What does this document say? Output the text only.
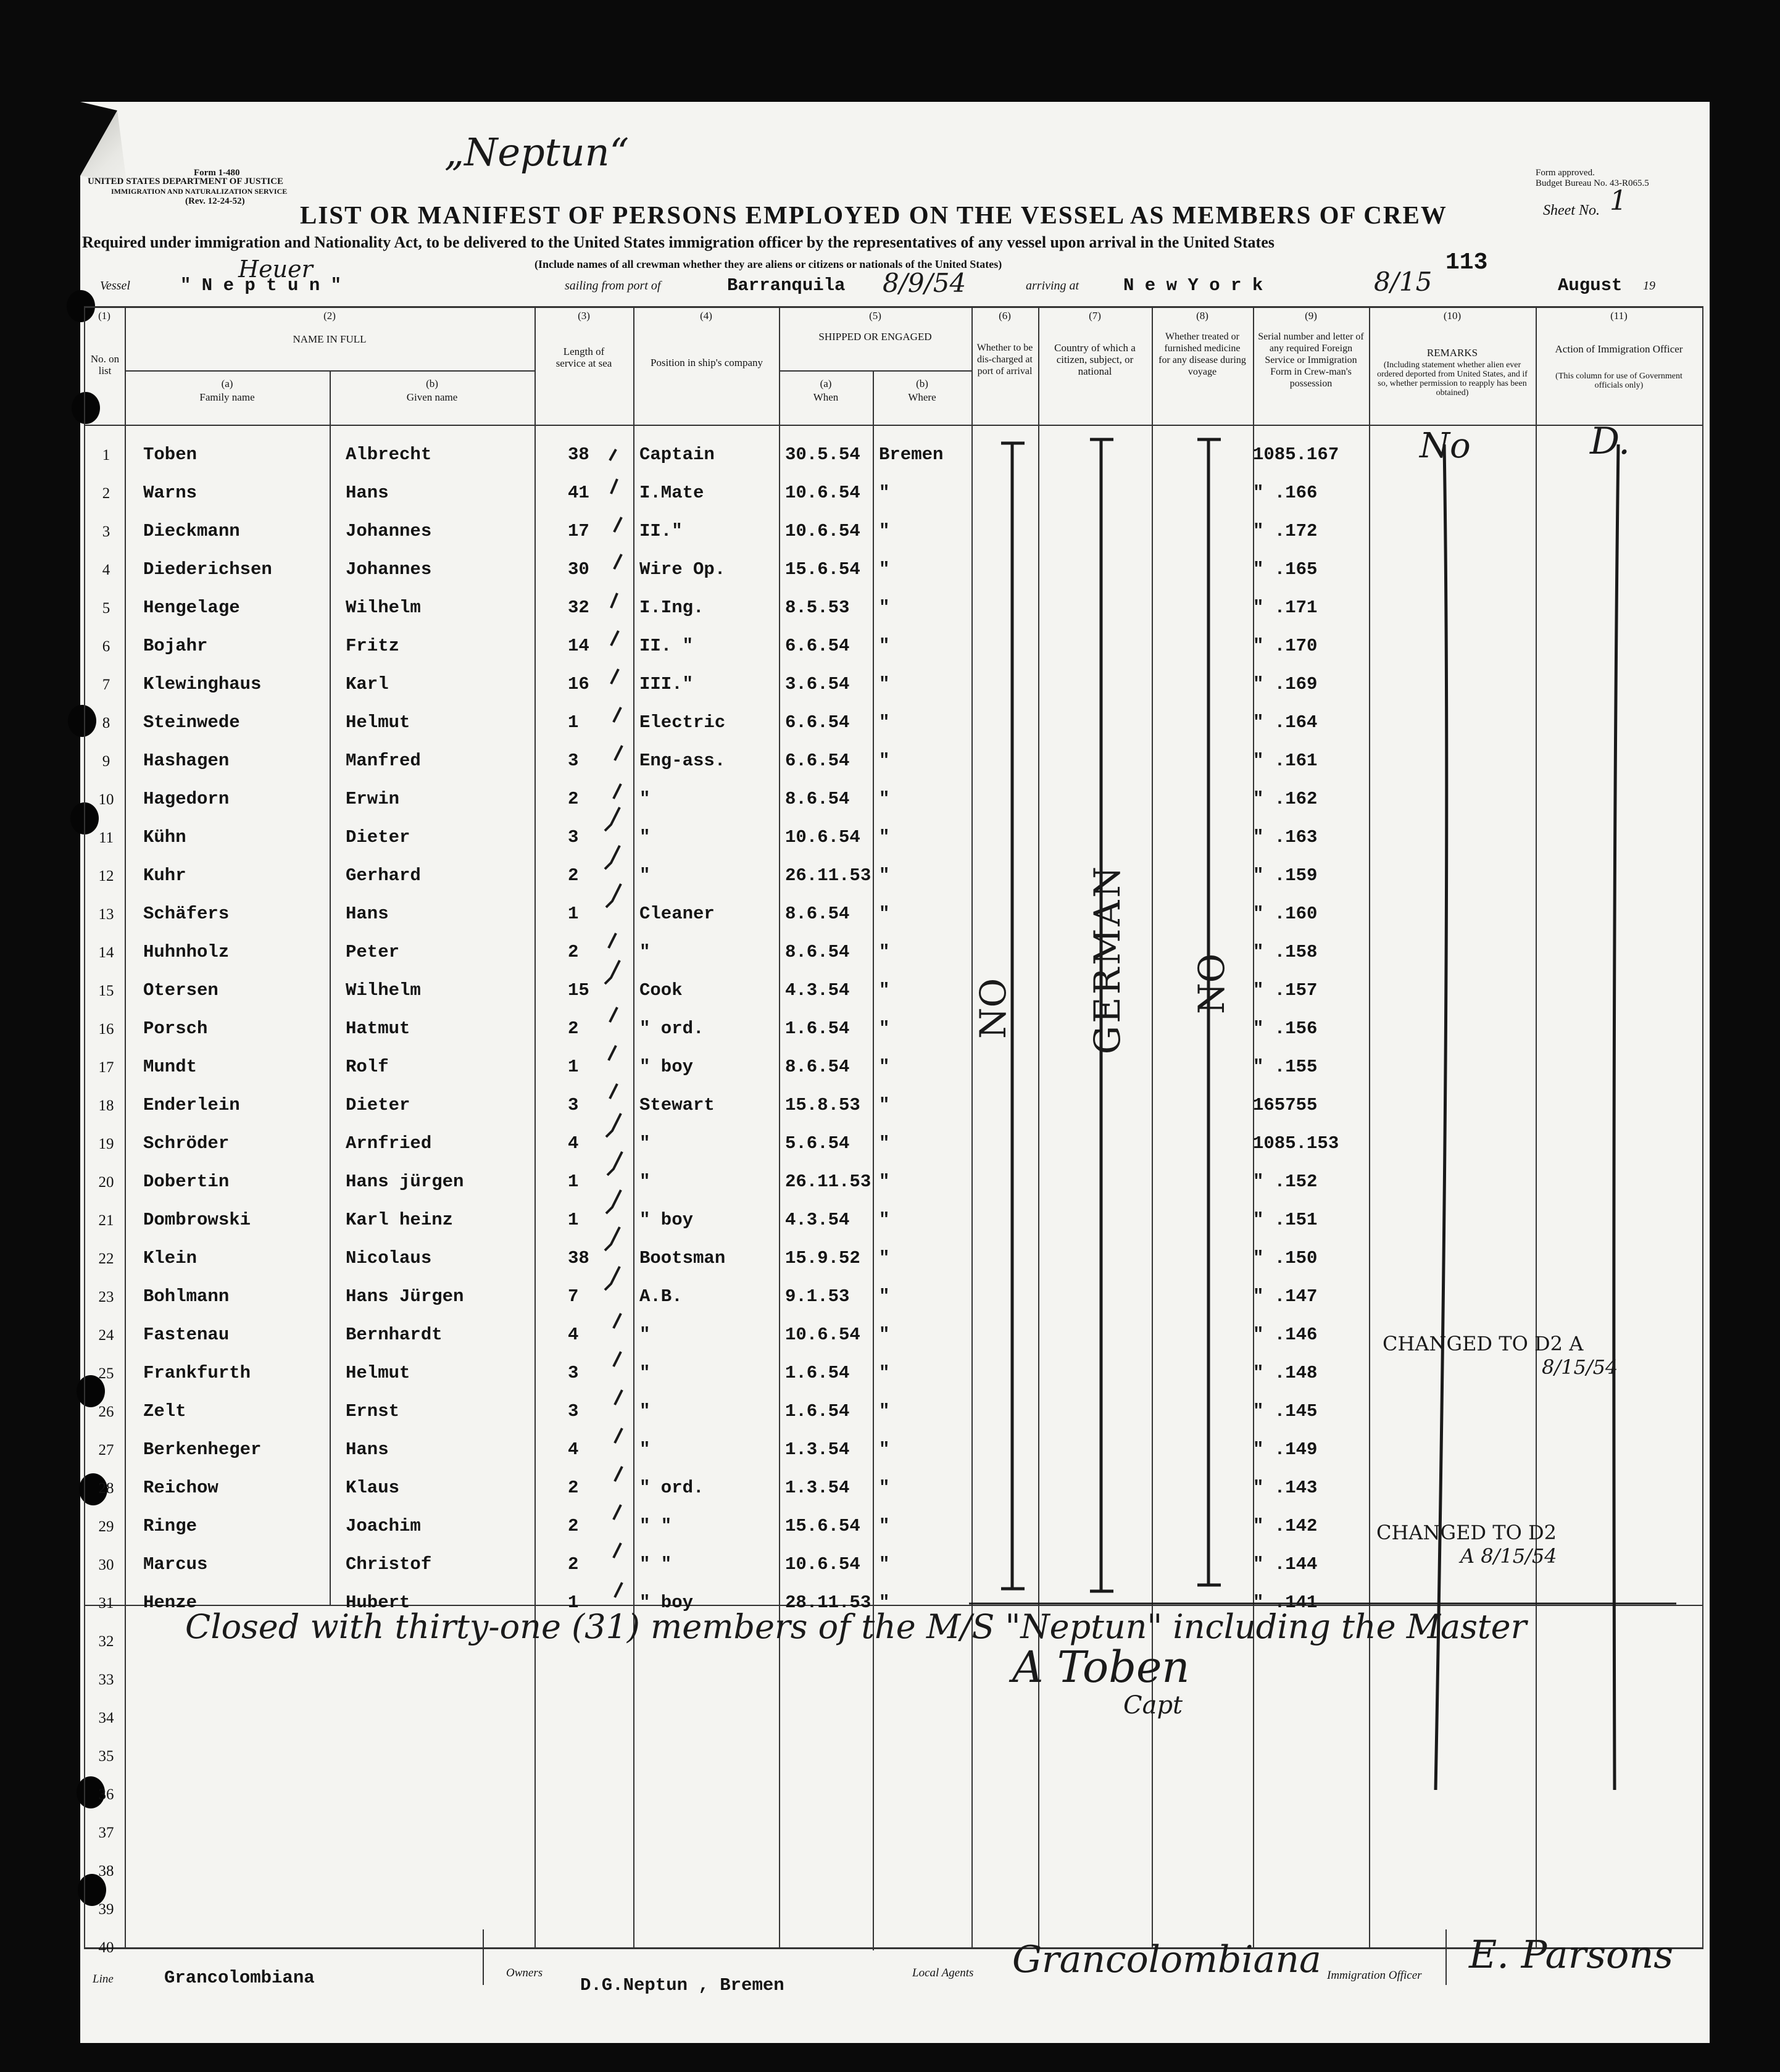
Form 1-480
UNITED STATES DEPARTMENT OF JUSTICE
IMMIGRATION AND NATURALIZATION SERVICE
(Rev. 12-24-52)
„Neptun“	Form approved.
Budget Bureau No. 43-R065.5
Sheet No. 1
LIST OR MANIFEST OF PERSONS EMPLOYED ON THE VESSEL AS MEMBERS OF CREW
Required under immigration and Nationality Act, to be delivered to the United States immigration officer by the representatives of any vessel upon arrival in the United States
(Include names of all crewman whether they are aliens or citizens or nationals of the United States)
Vessel
Heuer
" N e p t u n "	sailing from port of	Barranquila 8/9/54	arriving at N e w Y o r k	8/15
113
August 19
(1)
No. on list
(2)
NAME IN FULL
(a)
Family name
(b)
Given name
(3)
Length of service at sea
(4)
Position in ship's company
(5)
SHIPPED OR ENGAGED
(a)
When
(b)
Where
(6)
Whether to be dis-charged at port of arrival
(7)
Country of which a citizen, subject, or national
(8)
Whether treated or furnished medicine for any disease during voyage
(9)
Serial number and letter of any required Foreign Service or Immigration Form in Crew-man's possession
(10)
REMARKS
(Including statement whether alien ever ordered deported from United States, and if so, whether permission to reapply has been obtained)
(11)
Action of Immigration Officer
(This column for use of Government officials only)
1	Toben	Albrecht	38	Captain	30.5.54 Bremen	1085.167
2	Warns	Hans	41	I.Mate	10.6.54 "	" .166
3	Dieckmann	Johannes	17	II."	10.6.54 "	" .172
4	Diederichsen	Johannes	30	Wire Op.	15.6.54 "	" .165
5	Hengelage	Wilhelm	32	I.Ing.	8.5.53 "	" .171
6	Bojahr	Fritz	14	II. "	6.6.54 "	" .170
7	Klewinghaus	Karl	16	III."	3.6.54 "	" .169
8	Steinwede	Helmut	1	Electric	6.6.54 "	" .164
9	Hashagen	Manfred	3	Eng-ass.	6.6.54 "	" .161
10	Hagedorn	Erwin	2	"	8.6.54 "	" .162
11	Kühn	Dieter	3	"	10.6.54 "	" .163
12	Kuhr	Gerhard	2	"	26.11.53 "	" .159
13	Schäfers	Hans	1	Cleaner	8.6.54 "	" .160
14	Huhnholz	Peter	2	"	8.6.54 "	" .158
15	Otersen	Wilhelm	15	Cook	4.3.54 "	" .157
16	Porsch	Hatmut	2	" ord.	1.6.54 "	" .156
17	Mundt	Rolf	1	" boy	8.6.54 "	" .155
18	Enderlein	Dieter	3	Stewart	15.8.53 "	165755
19	Schröder	Arnfried	4	"	5.6.54 "	1085.153
20	Dobertin	Hans jürgen	1	"	26.11.53 "	" .152
21	Dombrowski	Karl heinz	1	" boy	4.3.54 "	" .151
22	Klein	Nicolaus	38	Bootsman	15.9.52 "	" .150
23	Bohlmann	Hans Jürgen	7	A.B.	9.1.53 "	" .147
24	Fastenau	Bernhardt	4	"	10.6.54 "	" .146
25	Frankfurth	Helmut	3	"	1.6.54 "	" .148
26	Zelt	Ernst	3	"	1.6.54 "	" .145
27	Berkenheger	Hans	4	"	1.3.54 "	" .149
28	Reichow	Klaus	2	" ord.	1.3.54 "	" .143
29	Ringe	Joachim	2	" "	15.6.54 "	" .142
30	Marcus	Christof	2	" "	10.6.54 "	" .144
31	Henze	Hubert	1	" boy	28.11.53 "	" .141
32
33
34
35
36
37
38
39
40
NO GERMAN NO
No	D.
CHANGED TO D2 A
8/15/54
CHANGED TO D2
A 8/15/54
Closed with thirty-one (31) members of the M/S "Neptun" including the Master
A Toben
Capt
Line	Grancolombiana	Owners
D.G.Neptun , Bremen
Local Agents Grancolombiana Immigration Officer E. Parsons
